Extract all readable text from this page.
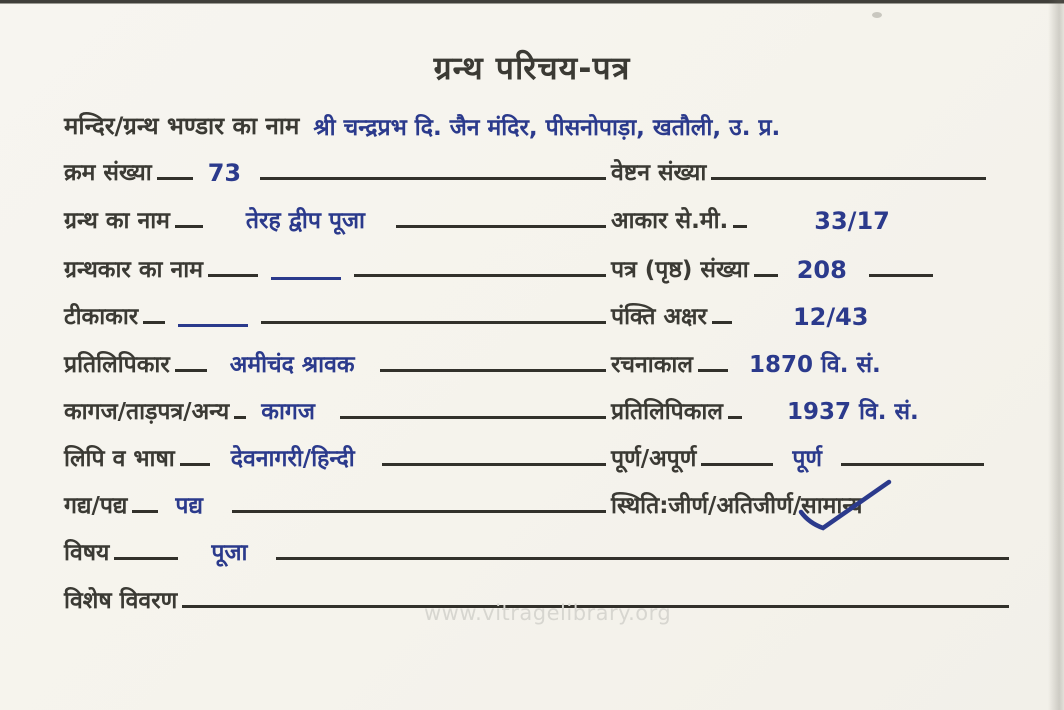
ग्रन्थ परिचय-पत्र
मन्दिर/ग्रन्थ भण्डार का नाम श्री चन्द्रप्रभ दि. जैन मंदिर, पीसनोपाड़ा, खतौली, उ. प्र.
क्रम संख्या 73	वेष्टन संख्या
ग्रन्थ का नाम	तेरह द्वीप पूजा	आकार से.मी.	33/17
ग्रन्थकार का नाम	पत्र (पृष्ठ) संख्या 208
टीकाकार	पंक्ति अक्षर	12/43
प्रतिलिपिकार	अमीचंद श्रावक	रचनाकाल 1870 वि. सं.
कागज/ताड़पत्र/अन्य कागज	प्रतिलिपिकाल	1937 वि. सं.
लिपि व भाषा देवनागरी/हिन्दी	पूर्ण/अपूर्ण	पूर्ण
गद्य/पद्य पद्य	स्थिति:जीर्ण/अतिजीर्ण/ सामान्य
विषय	पूजा
विशेष विवरण	www.vitragelibrary.org
